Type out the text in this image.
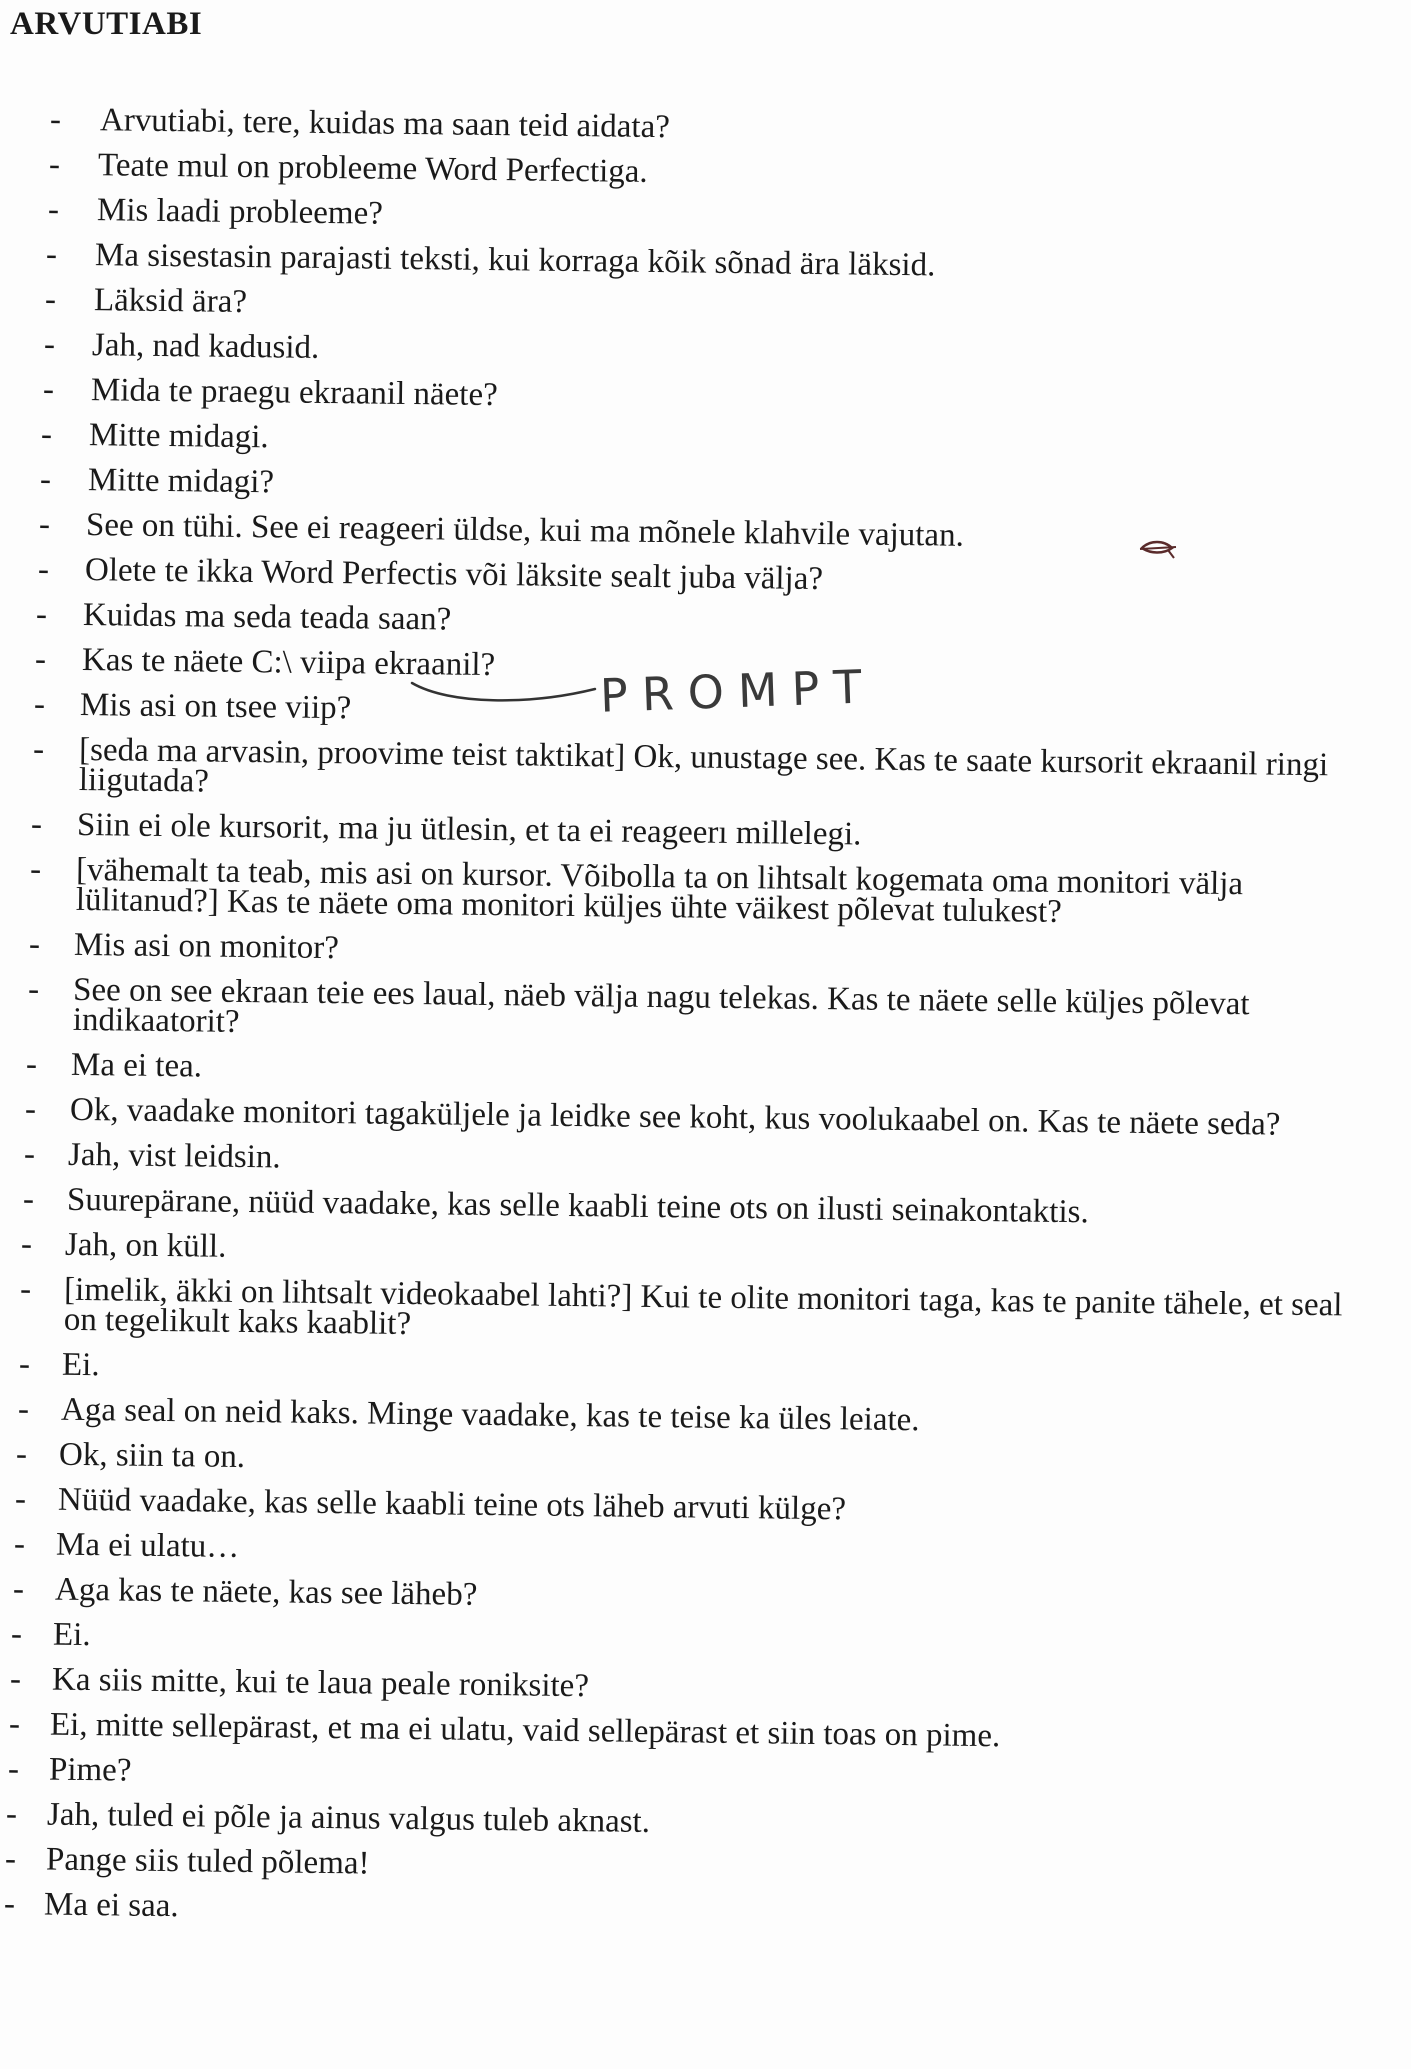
ARVUTIABI
- Arvutiabi, tere, kuidas ma saan teid aidata?
- Teate mul on probleeme Word Perfectiga.
- Mis laadi probleeme?
- Ma sisestasin parajasti teksti, kui korraga kõik sõnad ära läksid.
- Läksid ära?
- Jah, nad kadusid.
- Mida te praegu ekraanil näete?
- Mitte midagi.
- Mitte midagi?
- See on tühi. See ei reageeri üldse, kui ma mõnele klahvile vajutan.
- Olete te ikka Word Perfectis või läksite sealt juba välja?
- Kuidas ma seda teada saan?
- Kas te näete C:\ viipa ekraanil?
- Mis asi on tsee viip?
- [seda ma arvasin, proovime teist taktikat] Ok, unustage see. Kas te saate kursorit ekraanil ringi liigutada?
- Siin ei ole kursorit, ma ju ütlesin, et ta ei reageerı millelegi.
- [vähemalt ta teab, mis asi on kursor. Võibolla ta on lihtsalt kogemata oma monitori välja lülitanud?] Kas te näete oma monitori küljes ühte väikest põlevat tulukest?
- Mis asi on monitor?
- See on see ekraan teie ees laual, näeb välja nagu telekas. Kas te näete selle küljes põlevat indikaatorit?
- Ma ei tea.
- Ok, vaadake monitori tagaküljele ja leidke see koht, kus voolukaabel on. Kas te näete seda?
- Jah, vist leidsin.
- Suurepärane, nüüd vaadake, kas selle kaabli teine ots on ilusti seinakontaktis.
- Jah, on küll.
- [imelik, äkki on lihtsalt videokaabel lahti?] Kui te olite monitori taga, kas te panite tähele, et seal on tegelikult kaks kaablit?
- Ei.
- Aga seal on neid kaks. Minge vaadake, kas te teise ka üles leiate.
- Ok, siin ta on.
- Nüüd vaadake, kas selle kaabli teine ots läheb arvuti külge?
- Ma ei ulatu…
- Aga kas te näete, kas see läheb?
- Ei.
- Ka siis mitte, kui te laua peale roniksite?
- Ei, mitte sellepärast, et ma ei ulatu, vaid sellepärast et siin toas on pime.
- Pime?
- Jah, tuled ei põle ja ainus valgus tuleb aknast.
- Pange siis tuled põlema!
- Ma ei saa.
PROMPT
